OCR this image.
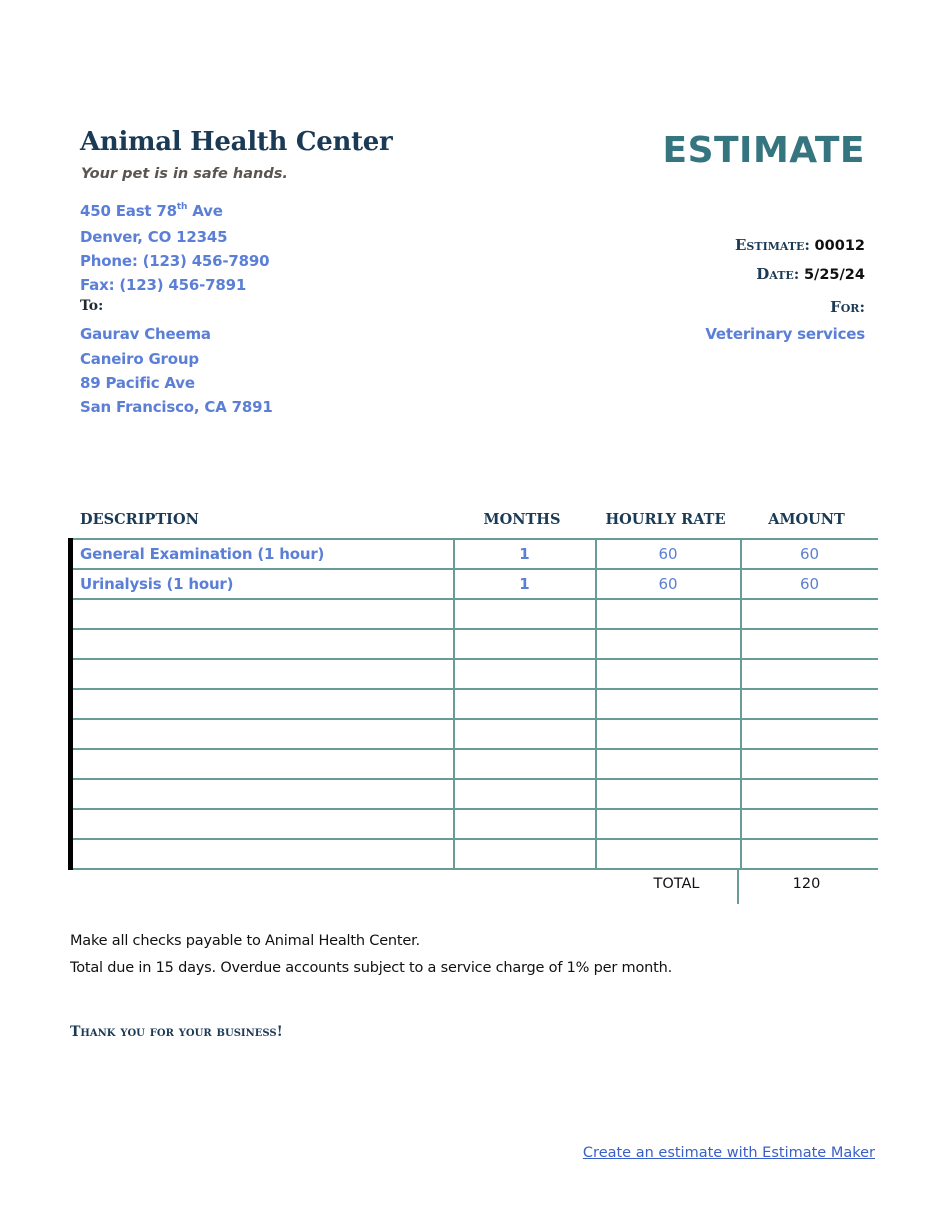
Animal Health Center
Your pet is in safe hands.
450 East 78th Ave
Denver, CO 12345
Phone: (123) 456-7890
Fax: (123) 456-7891
To:
Gaurav Cheema
Caneiro Group
89 Pacific Ave
San Francisco, CA 7891
ESTIMATE
Estimate: 00012
Date: 5/25/24
For:
Veterinary services
DESCRIPTION	MONTHS	HOURLY RATE	AMOUNT
General Examination (1 hour)	1	60	60
Urinalysis (1 hour)	1	60	60

TOTAL	120
Make all checks payable to Animal Health Center.
Total due in 15 days. Overdue accounts subject to a service charge of 1% per month.
Thank you for your business!
Create an estimate with Estimate Maker
